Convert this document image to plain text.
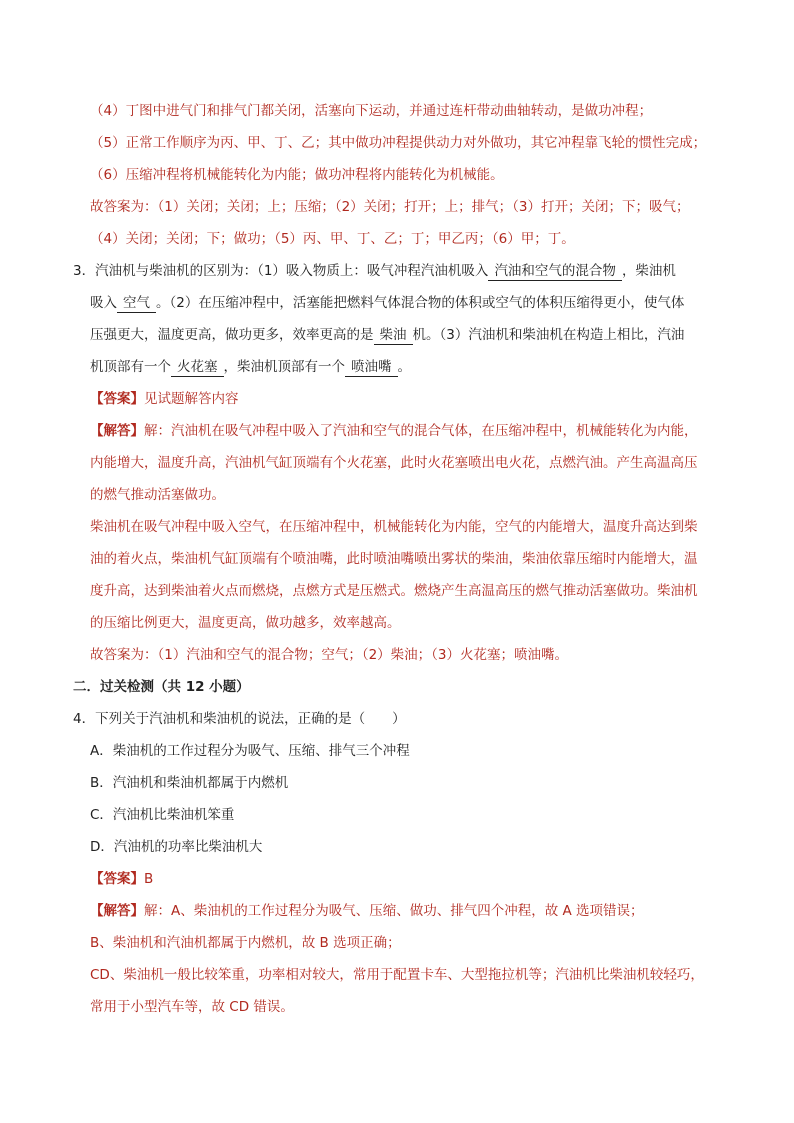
（4）丁图中进气门和排气门都关闭，活塞向下运动，并通过连杆带动曲轴转动，是做功冲程；
（5）正常工作顺序为丙、甲、丁、乙；其中做功冲程提供动力对外做功，其它冲程靠飞轮的惯性完成；
（6）压缩冲程将机械能转化为内能；做功冲程将内能转化为机械能。
故答案为：（1）关闭；关闭；上；压缩；（2）关闭；打开；上；排气；（3）打开；关闭；下；吸气；
（4）关闭；关闭；下；做功；（5）丙、甲、丁、乙；丁；甲乙丙；（6）甲；丁。
3．汽油机与柴油机的区别为：（1）吸入物质上：吸气冲程汽油机吸入 汽油和空气的混合物 ，柴油机
吸入 空气 。（2）在压缩冲程中，活塞能把燃料气体混合物的体积或空气的体积压缩得更小，使气体
压强更大，温度更高，做功更多，效率更高的是 柴油 机。（3）汽油机和柴油机在构造上相比，汽油
机顶部有一个 火花塞 ，柴油机顶部有一个 喷油嘴 。
【答案】见试题解答内容
【解答】解：汽油机在吸气冲程中吸入了汽油和空气的混合气体，在压缩冲程中，机械能转化为内能，
内能增大，温度升高，汽油机气缸顶端有个火花塞，此时火花塞喷出电火花，点燃汽油。产生高温高压
的燃气推动活塞做功。
柴油机在吸气冲程中吸入空气，在压缩冲程中，机械能转化为内能，空气的内能增大，温度升高达到柴
油的着火点，柴油机气缸顶端有个喷油嘴，此时喷油嘴喷出雾状的柴油，柴油依靠压缩时内能增大，温
度升高，达到柴油着火点而燃烧，点燃方式是压燃式。燃烧产生高温高压的燃气推动活塞做功。柴油机
的压缩比例更大，温度更高，做功越多，效率越高。
故答案为：（1）汽油和空气的混合物；空气；（2）柴油；（3）火花塞；喷油嘴。
二．过关检测（共 12 小题）
4．下列关于汽油机和柴油机的说法，正确的是（　　）
A．柴油机的工作过程分为吸气、压缩、排气三个冲程
B．汽油机和柴油机都属于内燃机
C．汽油机比柴油机笨重
D．汽油机的功率比柴油机大
【答案】B
【解答】解：A、柴油机的工作过程分为吸气、压缩、做功、排气四个冲程，故 A 选项错误；
B、柴油机和汽油机都属于内燃机，故 B 选项正确；
CD、柴油机一般比较笨重，功率相对较大，常用于配置卡车、大型拖拉机等；汽油机比柴油机较轻巧，
常用于小型汽车等，故 CD 错误。
